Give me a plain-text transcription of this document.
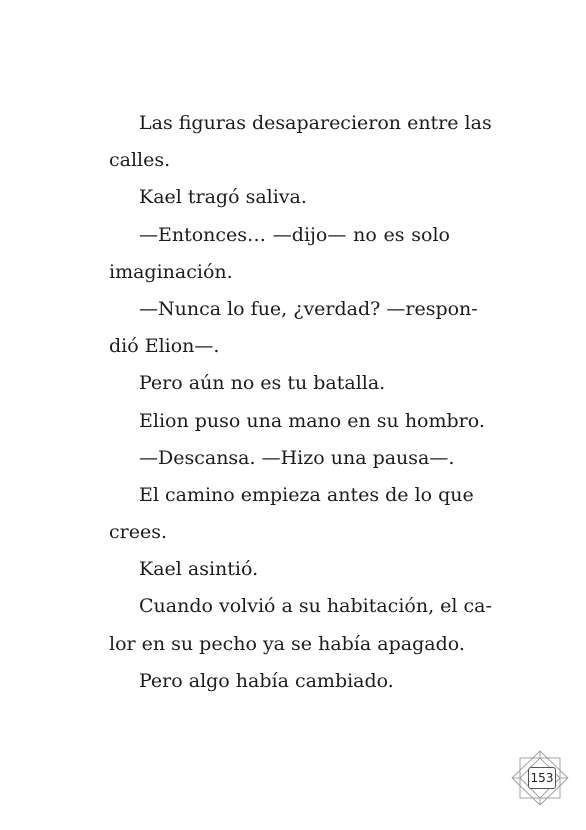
Las figuras desaparecieron entre las
calles.
Kael tragó saliva.
—Entonces… —dijo— no es solo
imaginación.
—Nunca lo fue, ¿verdad? —respon-
dió Elion—.
Pero aún no es tu batalla.
Elion puso una mano en su hombro.
—Descansa. —Hizo una pausa—.
El camino empieza antes de lo que
crees.
Kael asintió.
Cuando volvió a su habitación, el ca-
lor en su pecho ya se había apagado.
Pero algo había cambiado.
153
